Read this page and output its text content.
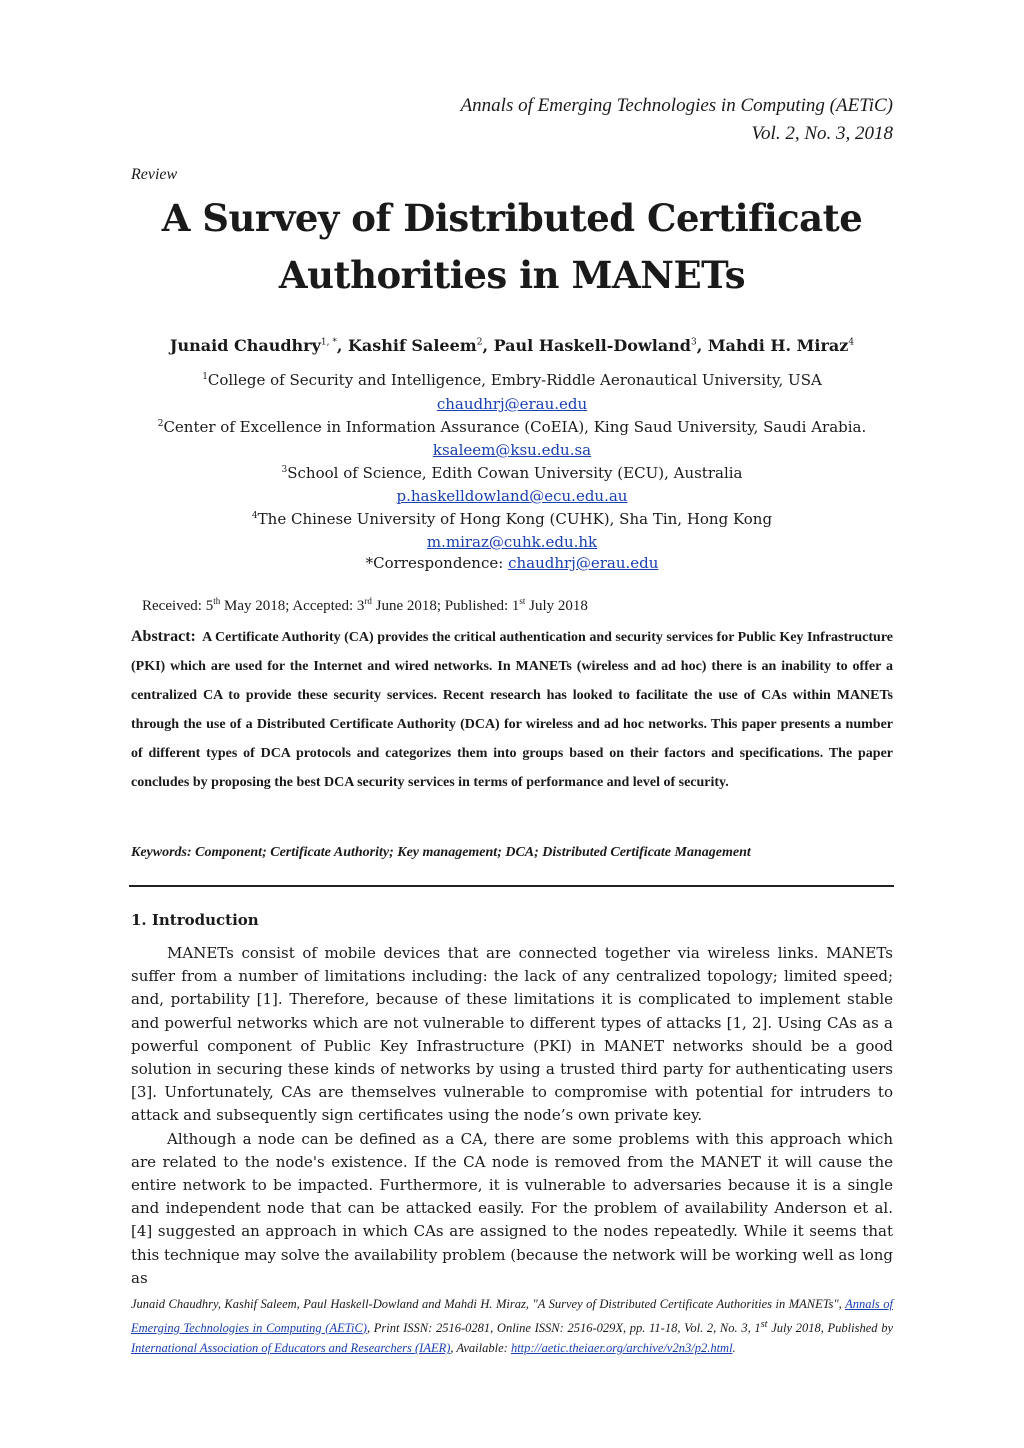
Annals of Emerging Technologies in Computing (AETiC)
Vol. 2, No. 3, 2018
Review
A Survey of Distributed Certificate
Authorities in MANETs
Junaid Chaudhry$^{1, *}$, Kashif Saleem$^2$, Paul Haskell-Dowland$^3$, Mahdi H. Miraz$^4$
$^1$College of Security and Intelligence, Embry-Riddle Aeronautical University, USA
chaudhrj@erau.edu
$^2$Center of Excellence in Information Assurance (CoEIA), King Saud University, Saudi Arabia.
ksaleem@ksu.edu.sa
$^3$School of Science, Edith Cowan University (ECU), Australia
p.haskelldowland@ecu.edu.au
$^4$The Chinese University of Hong Kong (CUHK), Sha Tin, Hong Kong
m.miraz@cuhk.edu.hk
*Correspondence: chaudhrj@erau.edu
Received: 5th May 2018; Accepted: 3rd June 2018; Published: 1st July 2018
Abstract: A Certificate Authority (CA) provides the critical authentication and security services for Public Key Infrastructure (PKI) which are used for the Internet and wired networks. In MANETs (wireless and ad hoc) there is an inability to offer a centralized CA to provide these security services. Recent research has looked to facilitate the use of CAs within MANETs through the use of a Distributed Certificate Authority (DCA) for wireless and ad hoc networks. This paper presents a number of different types of DCA protocols and categorizes them into groups based on their factors and specifications. The paper concludes by proposing the best DCA security services in terms of performance and level of security.
Keywords: Component; Certificate Authority; Key management; DCA; Distributed Certificate Management
1. Introduction

MANETs consist of mobile devices that are connected together via wireless links. MANETs suffer from a number of limitations including: the lack of any centralized topology; limited speed; and, portability [1]. Therefore, because of these limitations it is complicated to implement stable and powerful networks which are not vulnerable to different types of attacks [1, 2]. Using CAs as a powerful component of Public Key Infrastructure (PKI) in MANET networks should be a good solution in securing these kinds of networks by using a trusted third party for authenticating users [3]. Unfortunately, CAs are themselves vulnerable to compromise with potential for intruders to attack and subsequently sign certificates using the node’s own private key.

Although a node can be defined as a CA, there are some problems with this approach which are related to the node's existence. If the CA node is removed from the MANET it will cause the entire network to be impacted. Furthermore, it is vulnerable to adversaries because it is a single and independent node that can be attacked easily. For the problem of availability Anderson et al. [4] suggested an approach in which CAs are assigned to the nodes repeatedly. While it seems that this technique may solve the availability problem (because the network will be working well as long as

Junaid Chaudhry, Kashif Saleem, Paul Haskell-Dowland and Mahdi H. Miraz, "A Survey of Distributed Certificate Authorities in MANETs", Annals of Emerging Technologies in Computing (AETiC), Print ISSN: 2516-0281, Online ISSN: 2516-029X, pp. 11-18, Vol. 2, No. 3, 1st July 2018, Published by International Association of Educators and Researchers (IAER), Available: http://aetic.theiaer.org/archive/v2n3/p2.html.
